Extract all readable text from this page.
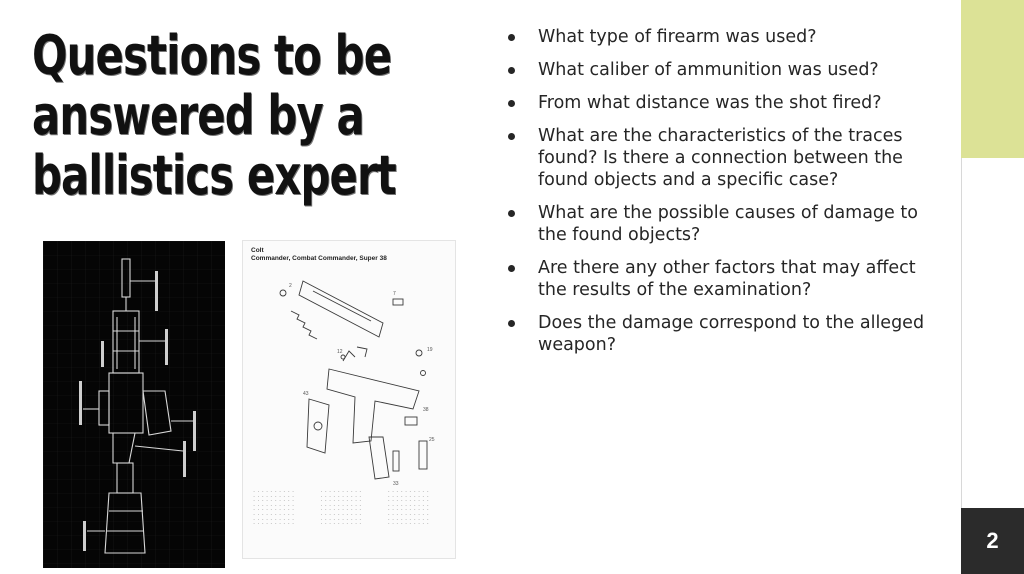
Questions to be answered by a ballistics expert
What type of firearm was used?
What caliber of ammunition was used?
From what distance was the shot fired?
What are the characteristics of the traces found? Is there a connection between the found objects and a specific case?
What are the possible causes of damage to the found objects?
Are there any other factors that may affect the results of the examination?
Does the damage correspond to the alleged weapon?
2
7
19
43
33
25
12
38
Colt
Commander, Combat Commander, Super 38
- - - - - - - - - -	- - - - - - - - - -	- - - - - - - - - -
- - - - - - - - - -	- - - - - - - - - -	- - - - - - - - - -
- - - - - - - - - -	- - - - - - - - - -	- - - - - - - - - -
- - - - - - - - - -	- - - - - - - - - -	- - - - - - - - - -
- - - - - - - - - -	- - - - - - - - - -	- - - - - - - - - -
- - - - - - - - - -	- - - - - - - - - -	- - - - - - - - - -
- - - - - - - - - -	- - - - - - - - - -	- - - - - - - - - -
- - - - - - - - - -	- - - - - - - - - -	- - - - - - - - - -
2
